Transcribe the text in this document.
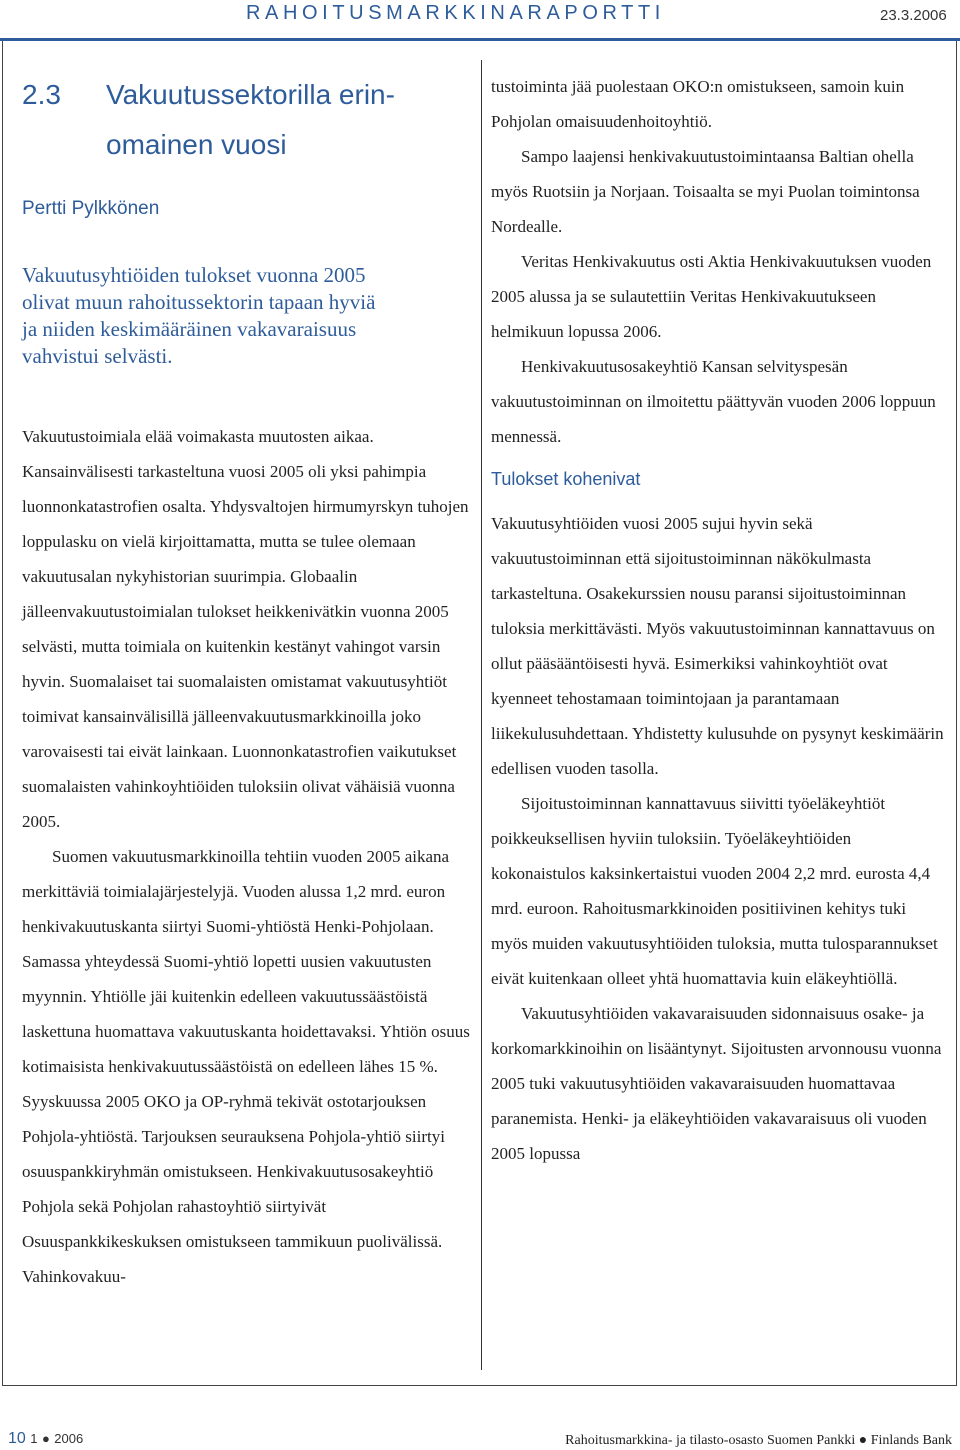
RAHOITUSMARKKINARAPORTTI	23.3.2006
2.3 Vakuutussektorilla erin-
omainen vuosi
Pertti Pylkkönen
Vakuutusyhtiöiden tulokset vuonna 2005
olivat muun rahoitussektorin tapaan hyviä
ja niiden keskimääräinen vakavaraisuus
vahvistui selvästi.

Vakuutustoimiala elää voimakasta muutosten aikaa. Kansainvälisesti tarkasteltuna vuosi 2005 oli yksi pahimpia luonnonkatastrofien osalta. Yhdysvaltojen hirmumyrskyn tuhojen loppulasku on vielä kirjoittamatta, mutta se tulee olemaan vakuutusalan nykyhistorian suurimpia. Globaalin jälleenvakuutustoimialan tulokset heikkenivätkin vuonna 2005 selvästi, mutta toimiala on kuitenkin kestänyt vahingot varsin hyvin. Suomalaiset tai suomalaisten omistamat vakuutusyhtiöt toimivat kansainvälisillä jälleenvakuutusmarkkinoilla joko varovaisesti tai eivät lainkaan. Luonnonkatastrofien vaikutukset suomalaisten vahinkoyhtiöiden tuloksiin olivat vähäisiä vuonna 2005.

Suomen vakuutusmarkkinoilla tehtiin vuoden 2005 aikana merkittäviä toimialajärjestelyjä. Vuoden alussa 1,2 mrd. euron henkivakuutuskanta siirtyi Suomi-yhtiöstä Henki-Pohjolaan. Samassa yhteydessä Suomi-yhtiö lopetti uusien vakuutusten myynnin. Yhtiölle jäi kuitenkin edelleen vakuutussäästöistä laskettuna huomattava vakuutuskanta hoidettavaksi. Yhtiön osuus kotimaisista henkivakuutussäästöistä on edelleen lähes 15 %. Syyskuussa 2005 OKO ja OP-ryhmä tekivät ostotarjouksen Pohjola-yhtiöstä. Tarjouksen seurauksena Pohjola-yhtiö siirtyi osuuspankkiryhmän omistukseen. Henkivakuutusosakeyhtiö Pohjola sekä Pohjolan rahastoyhtiö siirtyivät Osuuspankkikeskuksen omistukseen tammikuun puolivälissä. Vahinkovakuu-

tustoiminta jää puolestaan OKO:n omistukseen, samoin kuin Pohjolan omaisuudenhoitoyhtiö.

Sampo laajensi henkivakuutustoimintaansa Baltian ohella myös Ruotsiin ja Norjaan. Toisaalta se myi Puolan toimintonsa Nordealle.

Veritas Henkivakuutus osti Aktia Henkivakuutuksen vuoden 2005 alussa ja se sulautettiin Veritas Henkivakuutukseen helmikuun lopussa 2006.

Henkivakuutusosakeyhtiö Kansan selvityspesän vakuutustoiminnan on ilmoitettu päättyvän vuoden 2006 loppuun mennessä.

Tulokset kohenivat

Vakuutusyhtiöiden vuosi 2005 sujui hyvin sekä vakuutustoiminnan että sijoitustoiminnan näkökulmasta tarkasteltuna. Osakekurssien nousu paransi sijoitustoiminnan tuloksia merkittävästi. Myös vakuutustoiminnan kannattavuus on ollut pääsääntöisesti hyvä. Esimerkiksi vahinkoyhtiöt ovat kyenneet tehostamaan toimintojaan ja parantamaan liikekulusuhdettaan. Yhdistetty kulusuhde on pysynyt keskimäärin edellisen vuoden tasolla.

Sijoitustoiminnan kannattavuus siivitti työeläkeyhtiöt poikkeuksellisen hyviin tuloksiin. Työeläkeyhtiöiden kokonaistulos kaksinkertaistui vuoden 2004 2,2 mrd. eurosta 4,4 mrd. euroon. Rahoitusmarkkinoiden positiivinen kehitys tuki myös muiden vakuutusyhtiöiden tuloksia, mutta tulosparannukset eivät kuitenkaan olleet yhtä huomattavia kuin eläkeyhtiöllä.

Vakuutusyhtiöiden vakavaraisuuden sidonnaisuus osake- ja korkomarkkinoihin on lisääntynyt. Sijoitusten arvonnousu vuonna 2005 tuki vakuutusyhtiöiden vakavaraisuuden huomattavaa paranemista. Henki- ja eläkeyhtiöiden vakavaraisuus oli vuoden 2005 lopussa

10 1 ● 2006	Rahoitusmarkkina- ja tilasto-osasto Suomen Pankki ● Finlands Bank
